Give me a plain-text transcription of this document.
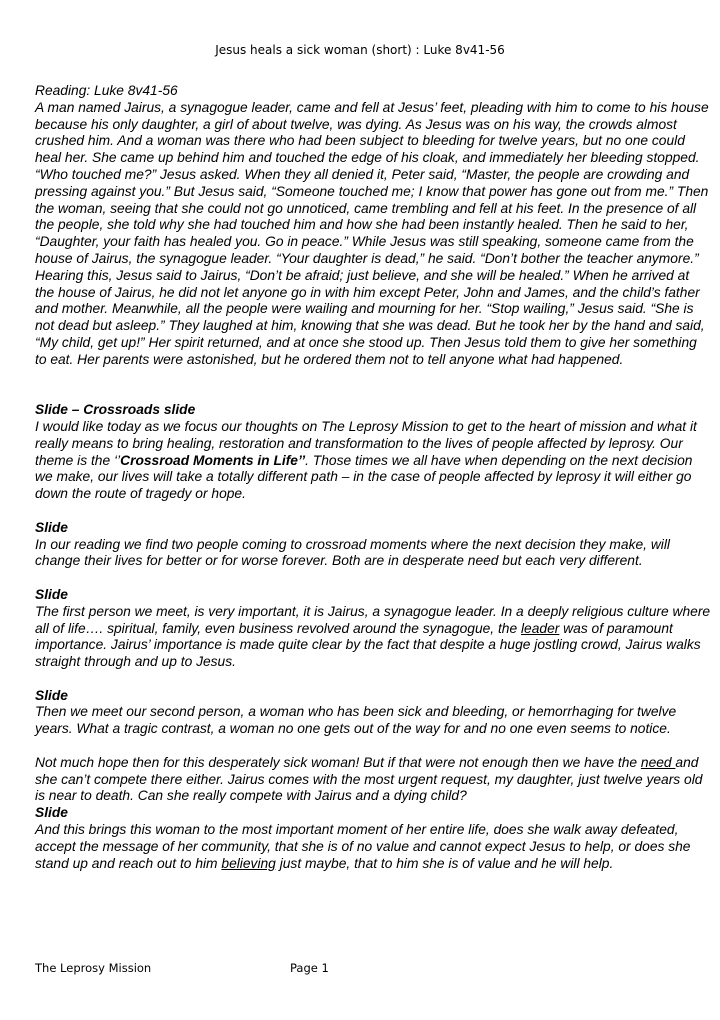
Jesus heals a sick woman (short) : Luke 8v41-56

Reading: Luke 8v41-56

A man named Jairus, a synagogue leader, came and fell at Jesus’ feet, pleading with him to come to his house because his only daughter, a girl of about twelve, was dying. As Jesus was on his way, the crowds almost crushed him. And a woman was there who had been subject to bleeding for twelve years, but no one could heal her. She came up behind him and touched the edge of his cloak, and immediately her bleeding stopped. “Who touched me?” Jesus asked. When they all denied it, Peter said, “Master, the people are crowding and pressing against you.” But Jesus said, “Someone touched me; I know that power has gone out from me.” Then the woman, seeing that she could not go unnoticed, came trembling and fell at his feet. In the presence of all the people, she told why she had touched him and how she had been instantly healed. Then he said to her, “Daughter, your faith has healed you. Go in peace.” While Jesus was still speaking, someone came from the house of Jairus, the synagogue leader. “Your daughter is dead,” he said. “Don’t bother the teacher anymore.” Hearing this, Jesus said to Jairus, “Don’t be afraid; just believe, and she will be healed.” When he arrived at the house of Jairus, he did not let anyone go in with him except Peter, John and James, and the child’s father and mother. Meanwhile, all the people were wailing and mourning for her. “Stop wailing,” Jesus said. “She is not dead but asleep.” They laughed at him, knowing that she was dead. But he took her by the hand and said, “My child, get up!” Her spirit returned, and at once she stood up. Then Jesus told them to give her something to eat. Her parents were astonished, but he ordered them not to tell anyone what had happened.

Slide – Crossroads slide

I would like today as we focus our thoughts on The Leprosy Mission to get to the heart of mission and what it really means to bring healing, restoration and transformation to the lives of people affected by leprosy. Our theme is the ‘’Crossroad Moments in Life’’. Those times we all have when depending on the next decision we make, our lives will take a totally different path – in the case of people affected by leprosy it will either go down the route of tragedy or hope.

Slide

In our reading we find two people coming to crossroad moments where the next decision they make, will change their lives for better or for worse forever. Both are in desperate need but each very different.

Slide

The first person we meet, is very important, it is Jairus, a synagogue leader. In a deeply religious culture where all of life…. spiritual, family, even business revolved around the synagogue, the leader was of paramount importance. Jairus’ importance is made quite clear by the fact that despite a huge jostling crowd, Jairus walks straight through and up to Jesus.

Slide

Then we meet our second person, a woman who has been sick and bleeding, or hemorrhaging for twelve years. What a tragic contrast, a woman no one gets out of the way for and no one even seems to notice.

Not much hope then for this desperately sick woman! But if that were not enough then we have the need and she can’t compete there either. Jairus comes with the most urgent request, my daughter, just twelve years old is near to death. Can she really compete with Jairus and a dying child?

Slide

And this brings this woman to the most important moment of her entire life, does she walk away defeated, accept the message of her community, that she is of no value and cannot expect Jesus to help, or does she stand up and reach out to him believing just maybe, that to him she is of value and he will help.

The Leprosy Mission	Page 1
